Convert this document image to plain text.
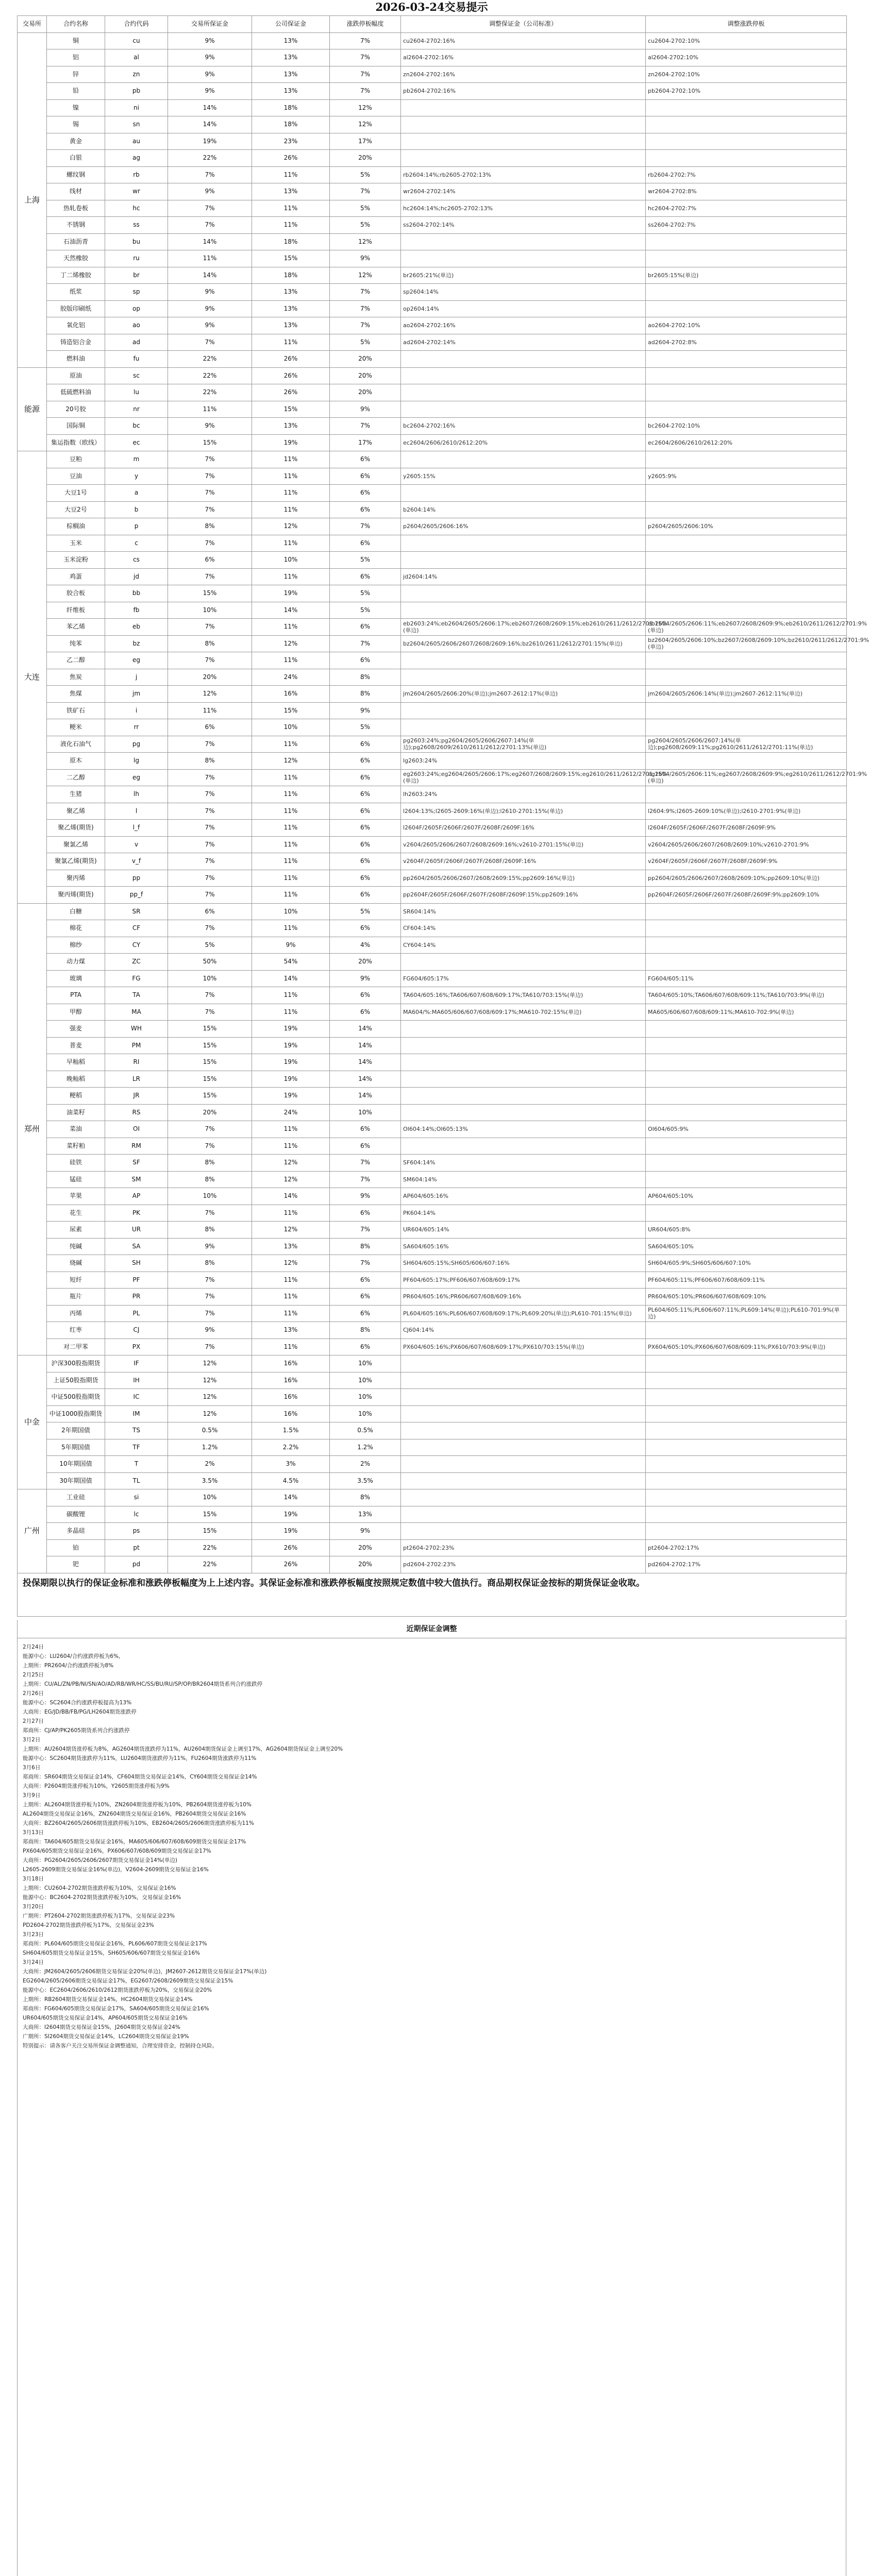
2026-03-24交易提示
交易所	合约名称	合约代码	交易所保证金	公司保证金	涨跌停板幅度	调整保证金（公司标准）	调整涨跌停板
上海	铜	cu	9%	13%	7%	cu2604-2702:16%	cu2604-2702:10%
	铝	al	9%	13%	7%	al2604-2702:16%	al2604-2702:10%
	锌	zn	9%	13%	7%	zn2604-2702:16%	zn2604-2702:10%
	铅	pb	9%	13%	7%	pb2604-2702:16%	pb2604-2702:10%
	镍	ni	14%	18%	12%		
	锡	sn	14%	18%	12%		
	黄金	au	19%	23%	17%		
	白银	ag	22%	26%	20%		
	螺纹钢	rb	7%	11%	5%	rb2604:14%;rb2605-2702:13%	rb2604-2702:7%
	线材	wr	9%	13%	7%	wr2604-2702:14%	wr2604-2702:8%
	热轧卷板	hc	7%	11%	5%	hc2604:14%;hc2605-2702:13%	hc2604-2702:7%
	不锈钢	ss	7%	11%	5%	ss2604-2702:14%	ss2604-2702:7%
	石油沥青	bu	14%	18%	12%		
	天然橡胶	ru	11%	15%	9%		
	丁二烯橡胶	br	14%	18%	12%	br2605:21%(单边)	br2605:15%(单边)
	纸浆	sp	9%	13%	7%	sp2604:14%	
	胶版印刷纸	op	9%	13%	7%	op2604:14%	
	氧化铝	ao	9%	13%	7%	ao2604-2702:16%	ao2604-2702:10%
	铸造铝合金	ad	7%	11%	5%	ad2604-2702:14%	ad2604-2702:8%
	燃料油	fu	22%	26%	20%		
能源	原油	sc	22%	26%	20%		
	低硫燃料油	lu	22%	26%	20%		
	20号胶	nr	11%	15%	9%		
	国际铜	bc	9%	13%	7%	bc2604-2702:16%	bc2604-2702:10%
	集运指数（欧线）	ec	15%	19%	17%	ec2604/2606/2610/2612:20%	ec2604/2606/2610/2612:20%
大连	豆粕	m	7%	11%	6%		
	豆油	y	7%	11%	6%	y2605:15%	y2605:9%
	大豆1号	a	7%	11%	6%		
	大豆2号	b	7%	11%	6%	b2604:14%	
	棕榈油	p	8%	12%	7%	p2604/2605/2606:16%	p2604/2605/2606:10%
	玉米	c	7%	11%	6%		
	玉米淀粉	cs	6%	10%	5%		
	鸡蛋	jd	7%	11%	6%	jd2604:14%	
	胶合板	bb	15%	19%	5%		
	纤维板	fb	10%	14%	5%		
	苯乙烯	eb	7%	11%	6%	eb2603:24%;eb2604/2605/2606:17%;eb2607/2608/2609:15%;eb2610/2611/2612/2701:15%(单边)	eb2604/2605/2606:11%;eb2607/2608/2609:9%;eb2610/2611/2612/2701:9%(单边)
	纯苯	bz	8%	12%	7%	bz2604/2605/2606/2607/2608/2609:16%;bz2610/2611/2612/2701:15%(单边)	bz2604/2605/2606:10%;bz2607/2608/2609:10%;bz2610/2611/2612/2701:9%(单边)
	乙二醇	eg	7%	11%	6%		
	焦炭	j	20%	24%	8%		
	焦煤	jm	12%	16%	8%	jm2604/2605/2606:20%(单边);jm2607-2612:17%(单边)	jm2604/2605/2606:14%(单边);jm2607-2612:11%(单边)
	铁矿石	i	11%	15%	9%		
	粳米	rr	6%	10%	5%		
	液化石油气	pg	7%	11%	6%	pg2603:24%;pg2604/2605/2606/2607:14%(单边);pg2608/2609/2610/2611/2612/2701:13%(单边)	pg2604/2605/2606/2607:14%(单边);pg2608/2609:11%;pg2610/2611/2612/2701:11%(单边)
	原木	lg	8%	12%	6%	lg2603:24%	
	二乙醇	eg	7%	11%	6%	eg2603:24%;eg2604/2605/2606:17%;eg2607/2608/2609:15%;eg2610/2611/2612/2701:15%(单边)	eg2604/2605/2606:11%;eg2607/2608/2609:9%;eg2610/2611/2612/2701:9%(单边)
	生猪	lh	7%	11%	6%	lh2603:24%	
	聚乙烯	l	7%	11%	6%	l2604:13%;l2605-2609:16%(单边);l2610-2701:15%(单边)	l2604:9%;l2605-2609:10%(单边);l2610-2701:9%(单边)
	聚乙烯(期货)	l_f	7%	11%	6%	l2604F/2605F/2606F/2607F/2608F/2609F:16%	l2604F/2605F/2606F/2607F/2608F/2609F:9%
	聚氯乙烯	v	7%	11%	6%	v2604/2605/2606/2607/2608/2609:16%;v2610-2701:15%(单边)	v2604/2605/2606/2607/2608/2609:10%;v2610-2701:9%
	聚氯乙烯(期货)	v_f	7%	11%	6%	v2604F/2605F/2606F/2607F/2608F/2609F:16%	v2604F/2605F/2606F/2607F/2608F/2609F:9%
	聚丙烯	pp	7%	11%	6%	pp2604/2605/2606/2607/2608/2609:15%;pp2609:16%(单边)	pp2604/2605/2606/2607/2608/2609:10%;pp2609:10%(单边)
	聚丙烯(期货)	pp_f	7%	11%	6%	pp2604F/2605F/2606F/2607F/2608F/2609F:15%;pp2609:16%	pp2604F/2605F/2606F/2607F/2608F/2609F:9%;pp2609:10%
郑州	白糖	SR	6%	10%	5%	SR604:14%	
	棉花	CF	7%	11%	6%	CF604:14%	
	棉纱	CY	5%	9%	4%	CY604:14%	
	动力煤	ZC	50%	54%	20%		
	玻璃	FG	10%	14%	9%	FG604/605:17%	FG604/605:11%
	PTA	TA	7%	11%	6%	TA604/605:16%;TA606/607/608/609:17%;TA610/703:15%(单边)	TA604/605:10%;TA606/607/608/609:11%;TA610/703:9%(单边)
	甲醇	MA	7%	11%	6%	MA604/%:MA605/606/607/608/609:17%;MA610-702:15%(单边)	MA605/606/607/608/609:11%;MA610-702:9%(单边)
	强麦	WH	15%	19%	14%		
	普麦	PM	15%	19%	14%		
	早籼稻	RI	15%	19%	14%		
	晚籼稻	LR	15%	19%	14%		
	粳稻	JR	15%	19%	14%		
	油菜籽	RS	20%	24%	10%		
	菜油	OI	7%	11%	6%	OI604:14%;OI605:13%	OI604/605:9%
	菜籽粕	RM	7%	11%	6%		
	硅铁	SF	8%	12%	7%	SF604:14%	
	锰硅	SM	8%	12%	7%	SM604:14%	
	苹果	AP	10%	14%	9%	AP604/605:16%	AP604/605:10%
	花生	PK	7%	11%	6%	PK604:14%	
	尿素	UR	8%	12%	7%	UR604/605:14%	UR604/605:8%
	纯碱	SA	9%	13%	8%	SA604/605:16%	SA604/605:10%
	烧碱	SH	8%	12%	7%	SH604/605:15%;SH605/606/607:16%	SH604/605:9%;SH605/606/607:10%
	短纤	PF	7%	11%	6%	PF604/605:17%;PF606/607/608/609:17%	PF604/605:11%;PF606/607/608/609:11%
	瓶片	PR	7%	11%	6%	PR604/605:16%;PR606/607/608/609:16%	PR604/605:10%;PR606/607/608/609:10%
	丙烯	PL	7%	11%	6%	PL604/605:16%;PL606/607/608/609:17%;PL609:20%(单边);PL610-701:15%(单边)	PL604/605:11%;PL606/607:11%;PL609:14%(单边);PL610-701:9%(单边)
	红枣	CJ	9%	13%	8%	CJ604:14%	
	对二甲苯	PX	7%	11%	6%	PX604/605:16%;PX606/607/608/609:17%;PX610/703:15%(单边)	PX604/605:10%;PX606/607/608/609:11%;PX610/703:9%(单边)
中金	沪深300股指期货	IF	12%	16%	10%		
	上证50股指期货	IH	12%	16%	10%		
	中证500股指期货	IC	12%	16%	10%		
	中证1000股指期货	IM	12%	16%	10%		
	2年期国债	TS	0.5%	1.5%	0.5%		
	5年期国债	TF	1.2%	2.2%	1.2%		
	10年期国债	T	2%	3%	2%		
	30年期国债	TL	3.5%	4.5%	3.5%		
广州	工业硅	si	10%	14%	8%		
	碳酸锂	lc	15%	19%	13%		
	多晶硅	ps	15%	19%	9%		
	铂	pt	22%	26%	20%	pt2604-2702:23%	pt2604-2702:17%
	钯	pd	22%	26%	20%	pd2604-2702:23%	pd2604-2702:17%
投保期限以执行的保证金标准和涨跌停板幅度为上上述内容。其保证金标准和涨跌停板幅度按照规定数值中较大值执行。商品期权保证金按标的期货保证金收取。
近期保证金调整

2月24日

能源中心：LU2604/合约涨跌停板为6%，

上期所：PR2604/合约涨跌停板为8%

2月25日

上期所：CU/AL/ZN/PB/NI/SN/AO/AD/RB/WR/HC/SS/BU/RU/SP/OP/BR2604期货系列合约涨跌停

2月26日

能源中心：SC2604合约涨跌停板提高为13%

大商所：EG/JD/BB/FB/PG/LH2604期货涨跌停

2月27日

郑商所：CJ/AP/PK2605期货系列合约涨跌停

3月2日

上期所：AU2604期货涨停板为8%，AG2604期货涨跌停为11%，AU2604期货保证金上调至17%，AG2604期货保证金上调至20%

能源中心：SC2604期货涨跌停为11%，LU2604期货涨跌停为11%，FU2604期货涨跌停为11%

3月6日

郑商所：SR604期货交易保证金14%，CF604期货交易保证金14%，CY604期货交易保证金14%

大商所：P2604期货涨停板为10%，Y2605期货涨停板为9%

3月9日

上期所：AL2604期货涨停板为10%，ZN2604期货涨停板为10%，PB2604期货涨停板为10%

AL2604期货交易保证金16%，ZN2604期货交易保证金16%，PB2604期货交易保证金16%

大商所：BZ2604/2605/2606期货涨跌停板为10%，EB2604/2605/2606期货涨跌停板为11%

3月13日

郑商所：TA604/605期货交易保证金16%，MA605/606/607/608/609期货交易保证金17%

PX604/605期货交易保证金16%，PX606/607/608/609期货交易保证金17%

大商所：PG2604/2605/2606/2607期货交易保证金14%(单边)

L2605-2609期货交易保证金16%(单边)，V2604-2609期货交易保证金16%

3月18日

上期所：CU2604-2702期货涨跌停板为10%，交易保证金16%

能源中心：BC2604-2702期货涨跌停板为10%，交易保证金16%

3月20日

广期所：PT2604-2702期货涨跌停板为17%，交易保证金23%

PD2604-2702期货涨跌停板为17%，交易保证金23%

3月23日

郑商所：PL604/605期货交易保证金16%，PL606/607期货交易保证金17%

SH604/605期货交易保证金15%，SH605/606/607期货交易保证金16%

3月24日

大商所：JM2604/2605/2606期货交易保证金20%(单边)，JM2607-2612期货交易保证金17%(单边)

EG2604/2605/2606期货交易保证金17%，EG2607/2608/2609期货交易保证金15%

能源中心：EC2604/2606/2610/2612期货涨跌停板为20%，交易保证金20%

上期所：RB2604期货交易保证金14%，HC2604期货交易保证金14%

郑商所：FG604/605期货交易保证金17%，SA604/605期货交易保证金16%

UR604/605期货交易保证金14%，AP604/605期货交易保证金16%

大商所：I2604期货交易保证金15%，J2604期货交易保证金24%

广期所：SI2604期货交易保证金14%，LC2604期货交易保证金19%

特别提示：请各客户关注交易所保证金调整通知，合理安排资金，控制持仓风险。
